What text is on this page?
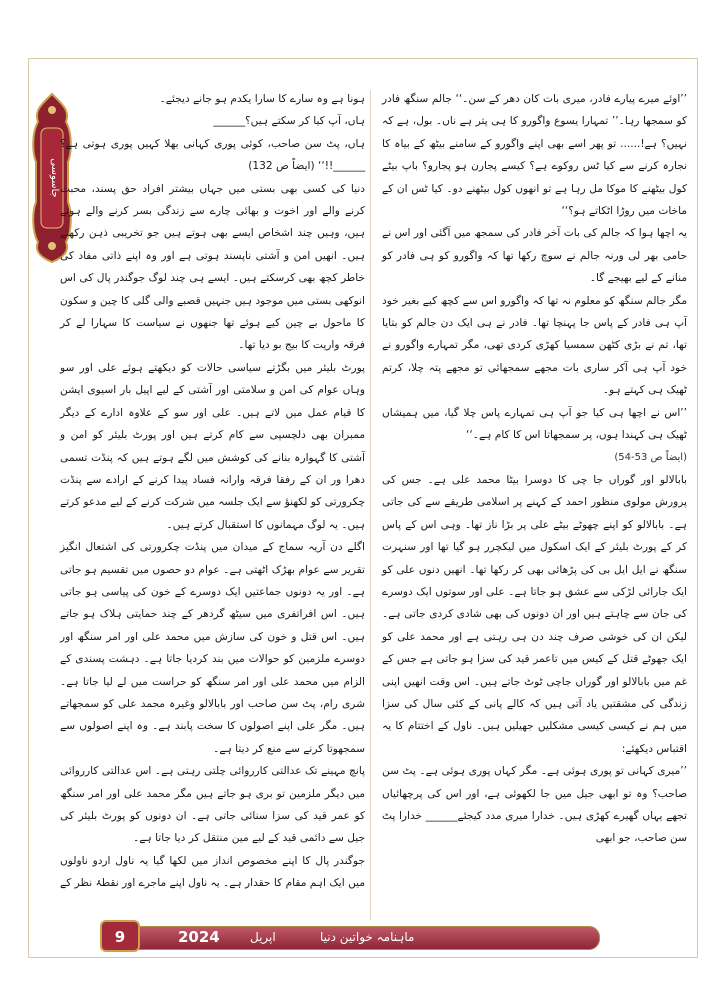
جاسوسی

’’اوئے میرے پیارے فادر، میری بات کان دھر کے سن۔‘‘ جالم سنگھ فادر کو سمجھا رہا۔’’ تمہارا یسوع واگورو کا ہی پتر ہے ناں۔ بول، ہے کہ نہیں؟ ہے!...... تو پھر اسے بھی اپنے واگورو کے سامنے بیٹھ کے بیاہ کا نجارہ کرنے سے کیا ٹس روکوے ہے؟ کیسے پجارن ہو پجارو؟ باپ بیٹے کول بیٹھنے کا موکا مل رہا ہے تو انھوں کول بیٹھنے دو۔ کیا ٹس ان کے ماخات میں روڑا اٹکاتے ہو؟‘‘

یہ اچھا ہوا کہ جالم کی بات آخر فادر کی سمجھ میں آگئی اور اس نے حامی بھر لی ورنہ جالم نے سوچ رکھا تھا کہ واگورو کو ہی فادر کو منانے کے لیے بھیجے گا۔

مگر جالم سنگھ کو معلوم نہ تھا کہ واگورو اس سے کچھ کیے بغیر خود آپ ہی فادر کے پاس جا پہنچا تھا۔ فادر نے ہی ایک دن جالم کو بتایا تھا، تم نے بڑی کٹھن سمسیا کھڑی کردی تھی، مگر تمہارے واگورو نے خود آپ ہی آکر ساری بات مجھے سمجھائی تو مجھے پتہ چلا، کرتم ٹھیک ہی کہتے ہو۔

’’اس نے اچھا ہی کیا جو آپ ہی تمہارے پاس چلا گیا، میں ہمیشاں ٹھیک ہی کہندا ہوں، پر سمجھاتا اس کا کام ہے۔‘‘

(ایضاً ص 53-54)

بابالالو اور گوراں جا چی کا دوسرا بیٹا محمد علی ہے۔ جس کی پرورش مولوی منظور احمد کے کہنے پر اسلامی طریقے سے کی جاتی ہے۔ بابالالو کو اپنے چھوٹے بیٹے علی پر بڑا ناز تھا۔ وہی اس کے پاس کر کے پورٹ بلیئر کے ایک اسکول میں لیکچرر ہو گیا تھا اور سنہرت سنگھ نے ایل ایل بی کی پڑھائی بھی کر رکھا تھا۔ انھیں دنوں علی کو ایک جارائی لڑکی سے عشق ہو جاتا ہے۔ علی اور سوتوں ایک دوسرے کی جان سے چاہتے ہیں اور ان دونوں کی بھی شادی کردی جاتی ہے۔ لیکن ان کی خوشی صرف چند دن ہی رہتی ہے اور محمد علی کو ایک جھوٹے قتل کے کیس میں تاعمر قید کی سزا ہو جاتی ہے جس کے غم میں بابالالو اور گوراں جاچی ٹوٹ جاتے ہیں۔ اس وقت انھیں اپنی زندگی کی مشقتیں یاد آتی ہیں کہ کالے پانی کے کئی سال کی سزا میں ہم نے کیسی کیسی مشکلیں جھیلیں ہیں۔ ناول کے اختتام کا یہ اقتباس دیکھئے:

’’میری کہانی تو پوری ہوئی ہے۔ مگر کہاں پوری ہوئی ہے۔ پٹ سن صاحب؟ وہ تو ابھی جیل میں جا لکھوئی ہے، اور اس کی پرچھائیاں تجھے یہاں گھیرے کھڑی ہیں۔ خدارا میری مدد کیجئے______ خدارا پٹ سن صاحب، جو ابھی

ہونا ہے وہ سارے کا سارا یکدم ہو جانے دیجئے۔

ہاں، آپ کیا کر سکتے ہیں؟______

ہاں، پٹ سن صاحب، کوئی پوری کہانی بھلا کہیں پوری ہوتی ہے؟______!!‘‘ (ایضاً ص 132)

دنیا کی کسی بھی بستی میں جہاں بیشتر افراد حق پسند، محبت کرنے والے اور اخوت و بھائی چارے سے زندگی بسر کرنے والے ہوتے ہیں، وہیں چند اشخاص ایسے بھی ہوتے ہیں جو تخریبی ذہن رکھتے ہیں۔ انھیں امن و آشتی ناپسند ہوتی ہے اور وہ اپنے ذاتی مفاد کی خاطر کچھ بھی کرسکتے ہیں۔ ایسے ہی چند لوگ جوگندر پال کی اس انوکھی بستی میں موجود ہیں جنہیں قصبے والی گلی کا چین و سکون کا ماحول بے چین کیے ہوئے تھا جنھوں نے سیاست کا سہارا لے کر فرقہ واریت کا بیج بو دیا تھا۔

پورٹ بلیئر میں بگڑتے سیاسی حالات کو دیکھتے ہوئے علی اور سو وہاں عوام کی امن و سلامتی اور آشتی کے لیے اپیل بار اسیوی ایشن کا قیام عمل میں لاتے ہیں۔ علی اور سو کے علاوہ ادارے کے دیگر ممبران بھی دلچسپی سے کام کرتے ہیں اور پورٹ بلیئر کو امن و آشتی کا گہوارہ بنانے کی کوشش میں لگے ہوتے ہیں کہ پنڈت تسمی دھرا ور ان کے رفقا فرقہ وارانہ فساد پیدا کرنے کے ارادے سے پنڈت چکرورتی کو لکھنؤ سے ایک جلسہ میں شرکت کرنے کے لیے مدعو کرتے ہیں۔ یہ لوگ مہمانوں کا استقبال کرتے ہیں۔

اگلے دن آریہ سماج کے میدان میں پنڈت چکرورتی کی اشتعال انگیز تقریر سے عوام بھڑک اٹھتی ہے۔ عوام دو حصوں میں تقسیم ہو جاتی ہے۔ اور یہ دونوں جماعتیں ایک دوسرے کے خون کی پیاسی ہو جاتی ہیں۔ اس افراتفری میں سیٹھ گردھر کے چند حمایتی ہلاک ہو جاتے ہیں۔ اس قتل و خون کی سازش میں محمد علی اور امر سنگھ اور دوسرے ملزمین کو حوالات میں بند کردیا جاتا ہے۔ دہشت پسندی کے الزام میں محمد علی اور امر سنگھ کو حراست میں لے لیا جاتا ہے۔ شری رام، پٹ سن صاحب اور بابالالو وغیرہ محمد علی کو سمجھاتے ہیں۔ مگر علی اپنے اصولوں کا سخت پابند ہے۔ وہ اپنے اصولوں سے سمجھوتا کرنے سے منع کر دیتا ہے۔

پانچ مہینے تک عدالتی کارروائی چلتی رہتی ہے۔ اس عدالتی کارروائی میں دیگر ملزمین تو بری ہو جاتے ہیں مگر محمد علی اور امر سنگھ کو عمر قید کی سزا سنائی جاتی ہے۔ ان دونوں کو پورٹ بلیئر کی جیل سے دائمی قید کے لیے مین منتقل کر دیا جاتا ہے۔

جوگندر پال کا اپنے مخصوص انداز میں لکھا گیا یہ ناول اردو ناولوں میں ایک اہم مقام کا حقدار ہے۔ یہ ناول اپنے ماجرے اور نقطۂ نظر کے

9	2024	اپریل	ماہنامہ خواتین دنیا
